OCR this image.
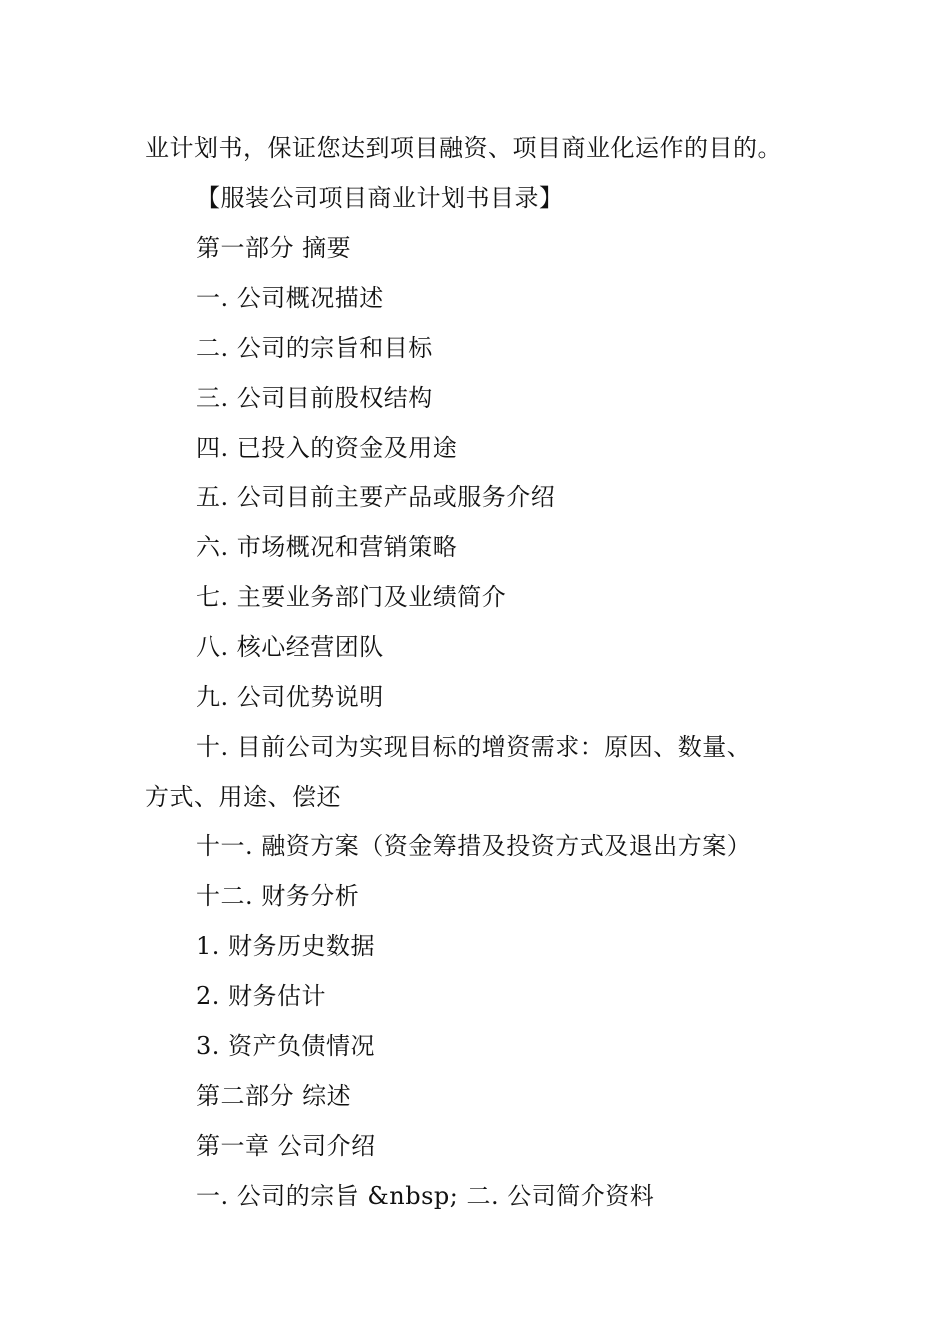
业计划书，保证您达到项目融资、项目商业化运作的目的。
【服装公司项目商业计划书目录】
第一部分 摘要
一. 公司概况描述
二. 公司的宗旨和目标
三. 公司目前股权结构
四. 已投入的资金及用途
五. 公司目前主要产品或服务介绍
六. 市场概况和营销策略
七. 主要业务部门及业绩简介
八. 核心经营团队
九. 公司优势说明
十. 目前公司为实现目标的增资需求：原因、数量、
方式、用途、偿还
十一. 融资方案（资金筹措及投资方式及退出方案）
十二. 财务分析
1. 财务历史数据
2. 财务估计
3. 资产负债情况
第二部分 综述
第一章 公司介绍
一. 公司的宗旨 &nbsp; 二. 公司简介资料
